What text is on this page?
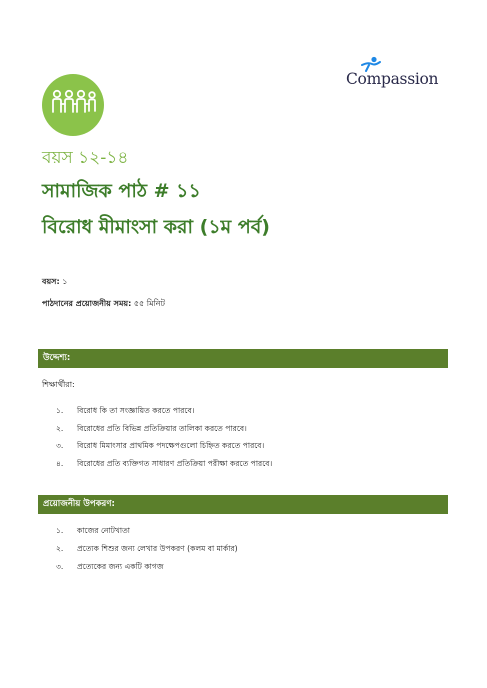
Compassion
বয়স ১২-১৪
সামাজিক পাঠ # ১১
বিরোধ মীমাংসা করা (১ম পর্ব)
বয়স: ১
পাঠদানের প্রয়োজনীয় সময়: ৫৫ মিনিট
উদ্দেশ্য:
শিক্ষার্থীরা:
১. বিরোধ কি তা সংজ্ঞায়িত করতে পারবে।
২. বিরোধের প্রতি বিভিন্ন প্রতিক্রিয়ার তালিকা করতে পারবে।
৩. বিরোধ মিমাংসার প্রাথমিক পদক্ষেপগুলো চিহ্নিত করতে পারবে।
৪. বিরোধের প্রতি ব্যক্তিগত সাধারণ প্রতিক্রিয়া পরীক্ষা করতে পারবে।
প্রয়োজনীয় উপকরণ:
১. কাজের নোটখাতা
২. প্রত্যেক শিশুর জন্য লেখার উপকরণ (কলম বা মার্কার)
৩. প্রত্যেকের জন্য একটি কাগজ
